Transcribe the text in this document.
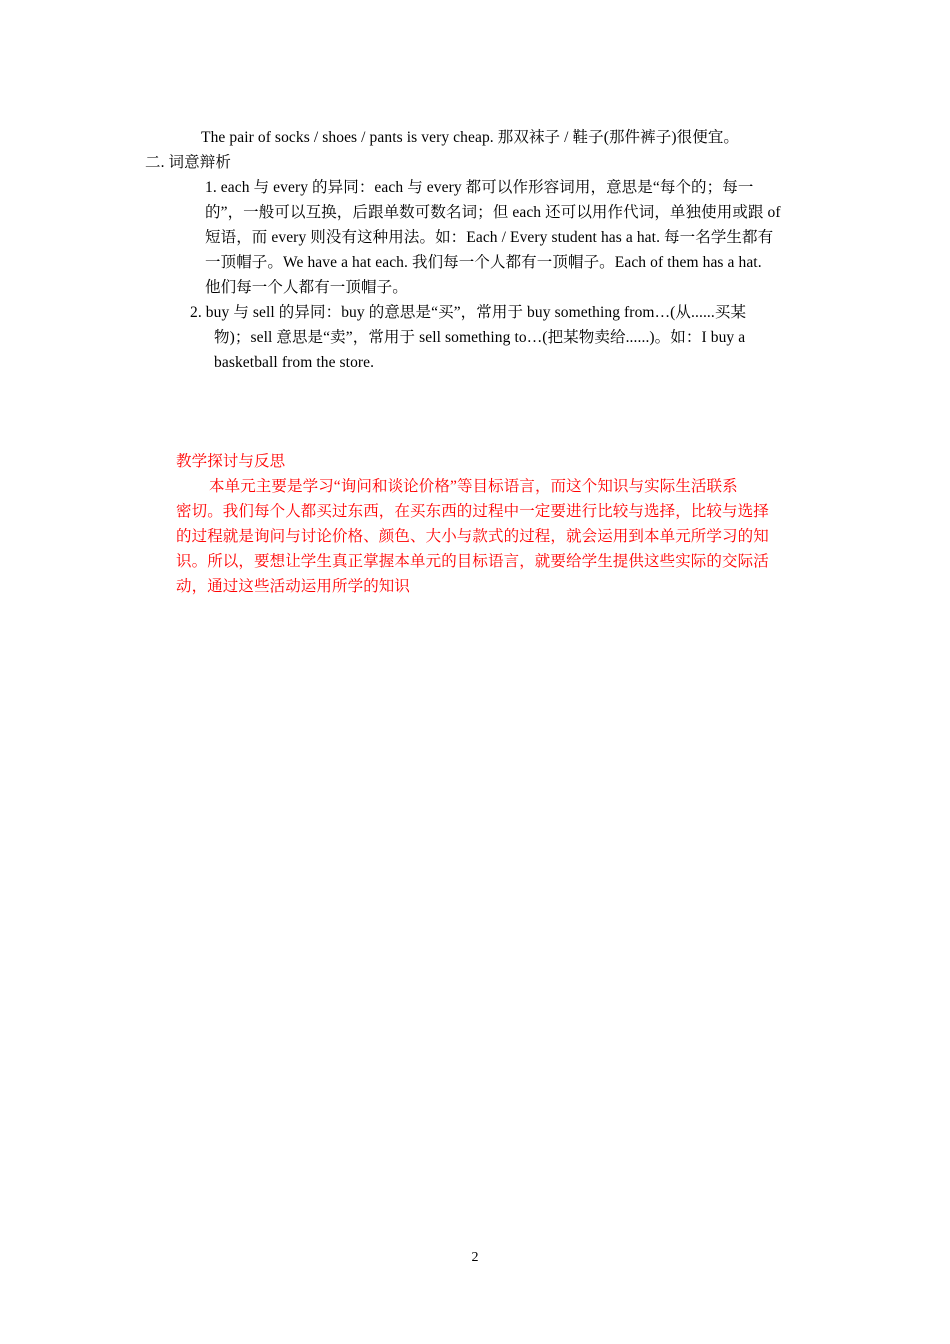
The pair of socks / shoes / pants is very cheap. 那双袜子 / 鞋子(那件裤子)很便宜。
二. 词意辩析
1. each 与 every 的异同：each 与 every 都可以作形容词用，意思是“每个的；每一
的”，一般可以互换，后跟单数可数名词；但 each 还可以用作代词，单独使用或跟 of
短语，而 every 则没有这种用法。如：Each / Every student has a hat. 每一名学生都有
一顶帽子。We have a hat each. 我们每一个人都有一顶帽子。Each of them has a hat.
他们每一个人都有一顶帽子。
2. buy 与 sell 的异同：buy 的意思是“买”，常用于 buy something from…(从......买某
物)；sell 意思是“卖”，常用于 sell something to…(把某物卖给......)。如：I buy a
basketball from the store.
教学探讨与反思
本单元主要是学习“询问和谈论价格”等目标语言，而这个知识与实际生活联系
密切。我们每个人都买过东西，在买东西的过程中一定要进行比较与选择，比较与选择
的过程就是询问与讨论价格、颜色、大小与款式的过程，就会运用到本单元所学习的知
识。所以，要想让学生真正掌握本单元的目标语言，就要给学生提供这些实际的交际活
动，通过这些活动运用所学的知识
2
